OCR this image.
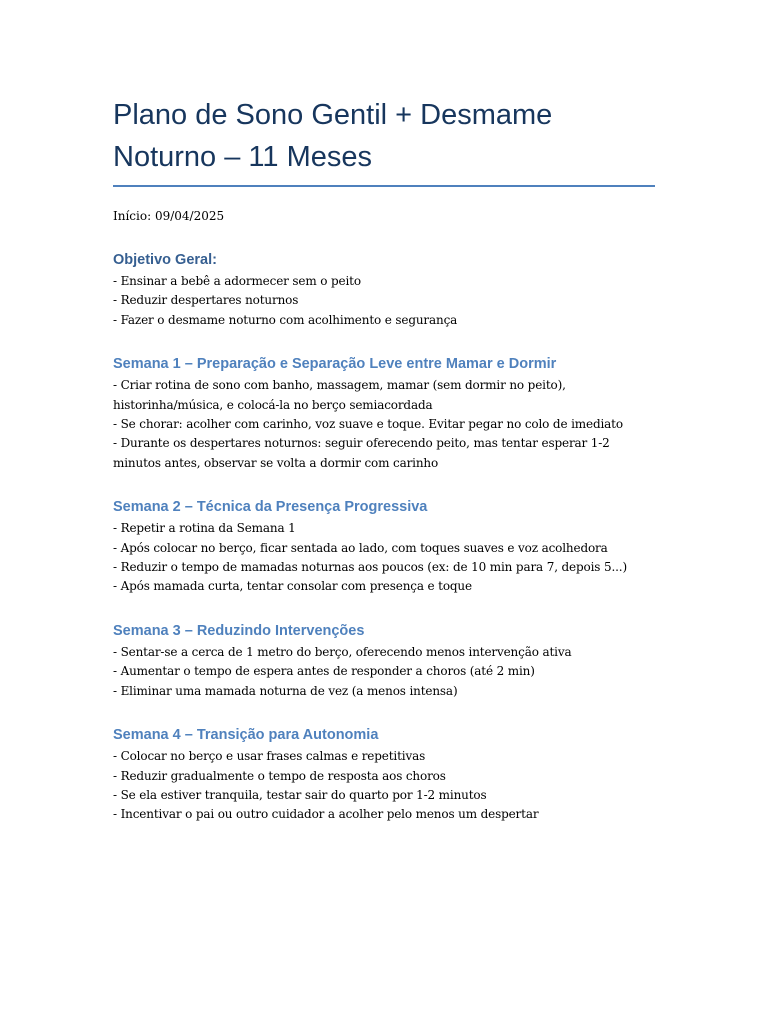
Plano de Sono Gentil + Desmame Noturno – 11 Meses

Início: 09/04/2025

Objetivo Geral:

- Ensinar a bebê a adormecer sem o peito

- Reduzir despertares noturnos

- Fazer o desmame noturno com acolhimento e segurança

Semana 1 – Preparação e Separação Leve entre Mamar e Dormir

- Criar rotina de sono com banho, massagem, mamar (sem dormir no peito), historinha/música, e colocá-la no berço semiacordada

- Se chorar: acolher com carinho, voz suave e toque. Evitar pegar no colo de imediato

- Durante os despertares noturnos: seguir oferecendo peito, mas tentar esperar 1-2 minutos antes, observar se volta a dormir com carinho

Semana 2 – Técnica da Presença Progressiva

- Repetir a rotina da Semana 1

- Após colocar no berço, ficar sentada ao lado, com toques suaves e voz acolhedora

- Reduzir o tempo de mamadas noturnas aos poucos (ex: de 10 min para 7, depois 5...)

- Após mamada curta, tentar consolar com presença e toque

Semana 3 – Reduzindo Intervenções

- Sentar-se a cerca de 1 metro do berço, oferecendo menos intervenção ativa

- Aumentar o tempo de espera antes de responder a choros (até 2 min)

- Eliminar uma mamada noturna de vez (a menos intensa)

Semana 4 – Transição para Autonomia

- Colocar no berço e usar frases calmas e repetitivas

- Reduzir gradualmente o tempo de resposta aos choros

- Se ela estiver tranquila, testar sair do quarto por 1-2 minutos

- Incentivar o pai ou outro cuidador a acolher pelo menos um despertar
